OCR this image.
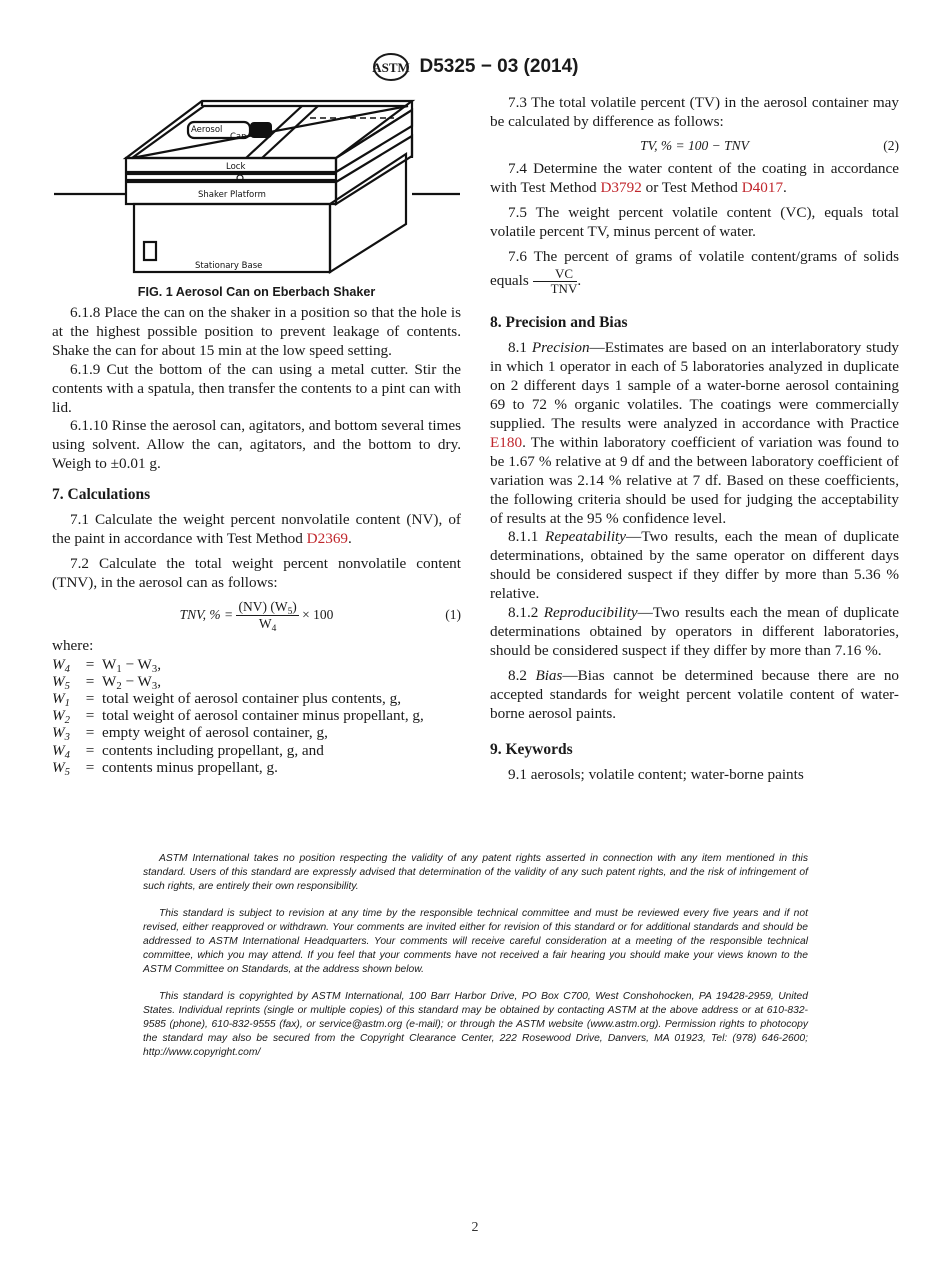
ASTM D5325 − 03 (2014)
Aerosol
Can
Lock
Shaker Platform
Stationary Base
FIG. 1 Aerosol Can on Eberbach Shaker

6.1.8 Place the can on the shaker in a position so that the hole is at the highest possible position to prevent leakage of contents. Shake the can for about 15 min at the low speed setting.

6.1.9 Cut the bottom of the can using a metal cutter. Stir the contents with a spatula, then transfer the contents to a pint can with lid.

6.1.10 Rinse the aerosol can, agitators, and bottom several times using solvent. Allow the can, agitators, and the bottom to dry. Weigh to ±0.01 g.

7. Calculations

7.1 Calculate the weight percent nonvolatile content (NV), of the paint in accordance with Test Method D2369.

7.2 Calculate the total weight percent nonvolatile content (TNV), in the aerosol can as follows:

TNV, % = $\frac{(NV) (W_5)}{W_4} \times 100$	(1)

where:

$W_4$	=	$W_1 - W_3$,
$W_5$	=	$W_2 - W_3$,
$W_1$	=	total weight of aerosol container plus contents, g,
$W_2$	=	total weight of aerosol container minus propellant, g,
$W_3$	=	empty weight of aerosol container, g,
$W_4$	=	contents including propellant, g, and
$W_5$	=	contents minus propellant, g.

7.3 The total volatile percent (TV) in the aerosol container may be calculated by difference as follows:

TV, % = 100 − TNV	(2)

7.4 Determine the water content of the coating in accordance with Test Method D3792 or Test Method D4017.

7.5 The weight percent volatile content (VC), equals total volatile percent TV, minus percent of water.

7.6 The percent of grams of volatile content/grams of solids equals $\frac{VC}{\text{TNV}}$ .

8. Precision and Bias

8.1 Precision—Estimates are based on an interlaboratory study in which 1 operator in each of 5 laboratories analyzed in duplicate on 2 different days 1 sample of a water-borne aerosol containing 69 to 72 % organic volatiles. The coatings were commercially supplied. The results were analyzed in accordance with Practice E180. The within laboratory coefficient of variation was found to be 1.67 % relative at 9 df and the between laboratory coefficient of variation was 2.14 % relative at 7 df. Based on these coefficients, the following criteria should be used for judging the acceptability of results at the 95 % confidence level.

8.1.1 Repeatability—Two results, each the mean of duplicate determinations, obtained by the same operator on different days should be considered suspect if they differ by more than 5.36 % relative.

8.1.2 Reproducibility—Two results each the mean of duplicate determinations obtained by operators in different laboratories, should be considered suspect if they differ by more than 7.16 %.

8.2 Bias—Bias cannot be determined because there are no accepted standards for weight percent volatile content of water-borne aerosol paints.

9. Keywords

9.1 aerosols; volatile content; water-borne paints

ASTM International takes no position respecting the validity of any patent rights asserted in connection with any item mentioned in this standard. Users of this standard are expressly advised that determination of the validity of any such patent rights, and the risk of infringement of such rights, are entirely their own responsibility.

This standard is subject to revision at any time by the responsible technical committee and must be reviewed every five years and if not revised, either reapproved or withdrawn. Your comments are invited either for revision of this standard or for additional standards and should be addressed to ASTM International Headquarters. Your comments will receive careful consideration at a meeting of the responsible technical committee, which you may attend. If you feel that your comments have not received a fair hearing you should make your views known to the ASTM Committee on Standards, at the address shown below.

This standard is copyrighted by ASTM International, 100 Barr Harbor Drive, PO Box C700, West Conshohocken, PA 19428-2959, United States. Individual reprints (single or multiple copies) of this standard may be obtained by contacting ASTM at the above address or at 610-832-9585 (phone), 610-832-9555 (fax), or service@astm.org (e-mail); or through the ASTM website (www.astm.org). Permission rights to photocopy the standard may also be secured from the Copyright Clearance Center, 222 Rosewood Drive, Danvers, MA 01923, Tel: (978) 646-2600; http://www.copyright.com/

2
